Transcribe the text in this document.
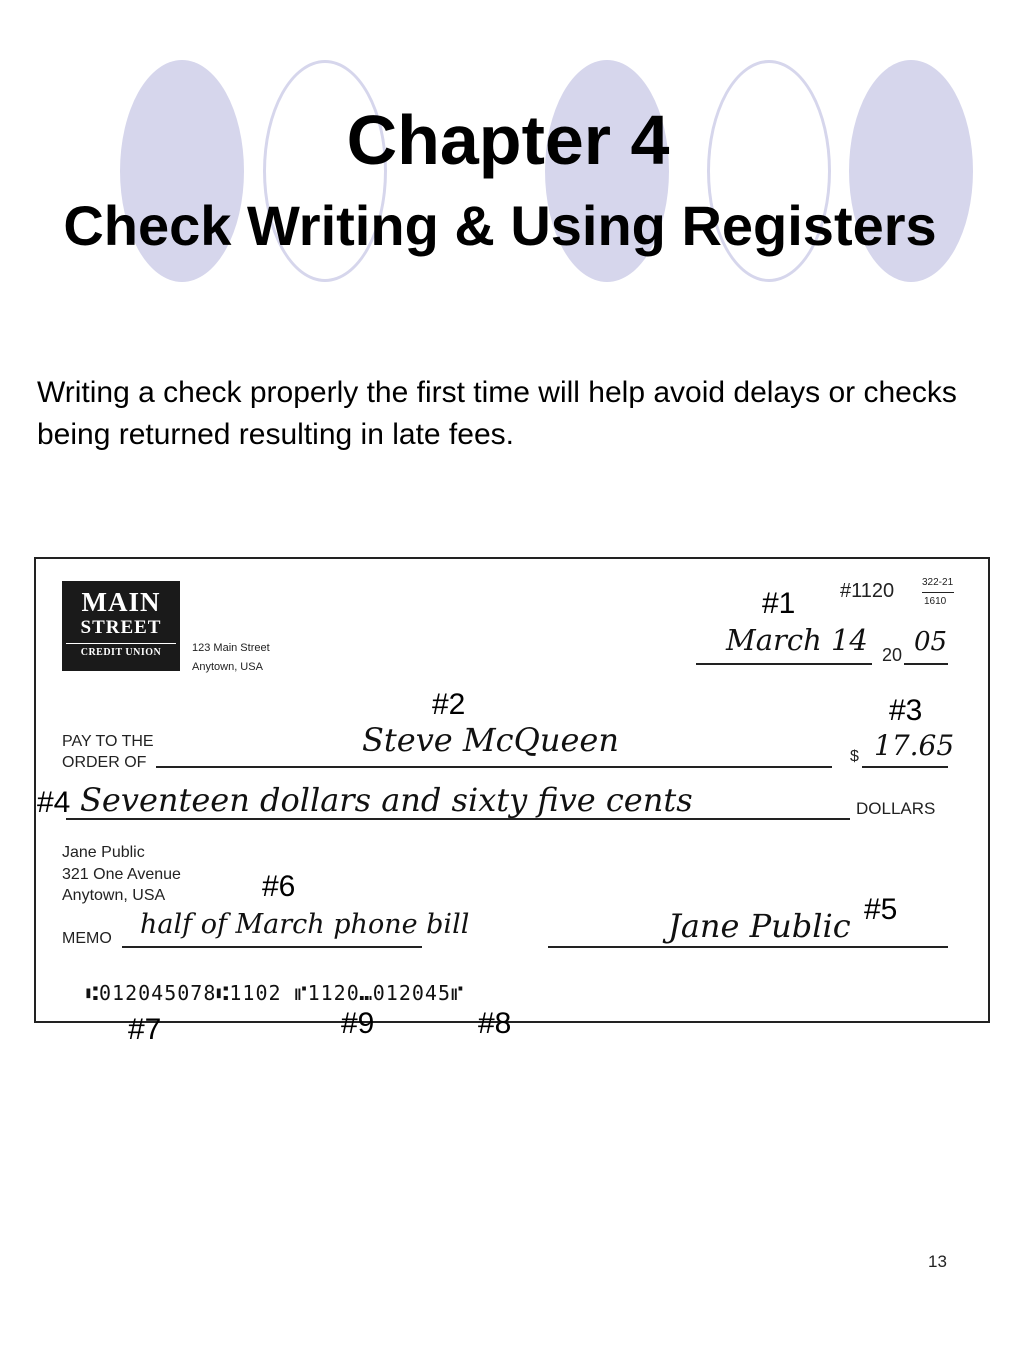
Chapter 4
Check Writing & Using Registers
Writing a check properly the first time will help avoid delays or checks being returned resulting in late fees.
MAIN
STREET
CREDIT UNION	123 Main Street
Anytown, USA
#1120	322-21
1610
March 14 20 05
PAY TO THE
ORDER OF
Steve McQueen	$ 17.65
Seventeen dollars and sixty five cents	DOLLARS
Jane Public
321 One Avenue
Anytown, USA
MEMO half of March phone bill	Jane Public
⑆012045078⑆1102 ⑈1120⑉012045⑈
#1
#2	#3
#4
#5
#6
#7	#8
#9
13
